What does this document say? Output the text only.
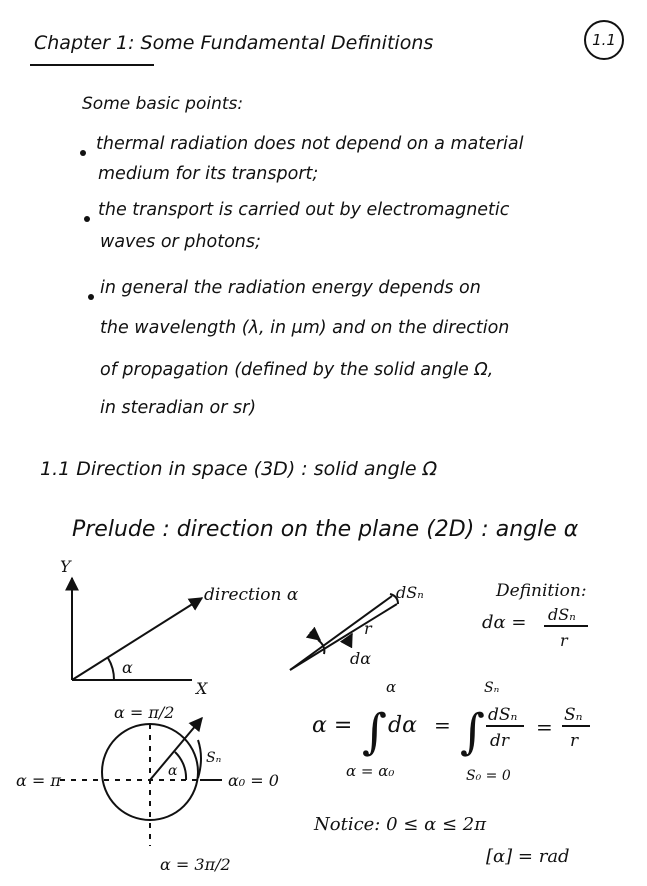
Chapter 1: Some Fundamental Definitions	1.1
Some basic points:
thermal radiation does not depend on a material
medium for its transport;
the transport is carried out by electromagnetic
waves or photons;
in general the radiation energy depends on
the wavelength (λ, in μm) and on the direction
of propagation (defined by the solid angle Ω,
in steradian or sr)
1.1 Direction in space (3D) : solid angle Ω
Prelude : direction on the plane (2D) : angle α
Y
X
α
direction α	dSₙ
r
dα
Definition:
dα = dSₙ
r
α = π/2
α = π	α₀ = 0
α = 3π/2
Sₙ
α
α = ∫
α
α = α₀
dα = ∫
Sₙ
S₀ = 0
dSₙ
dr
= Sₙ
r
Notice: 0 ≤ α ≤ 2π
[α] = rad
